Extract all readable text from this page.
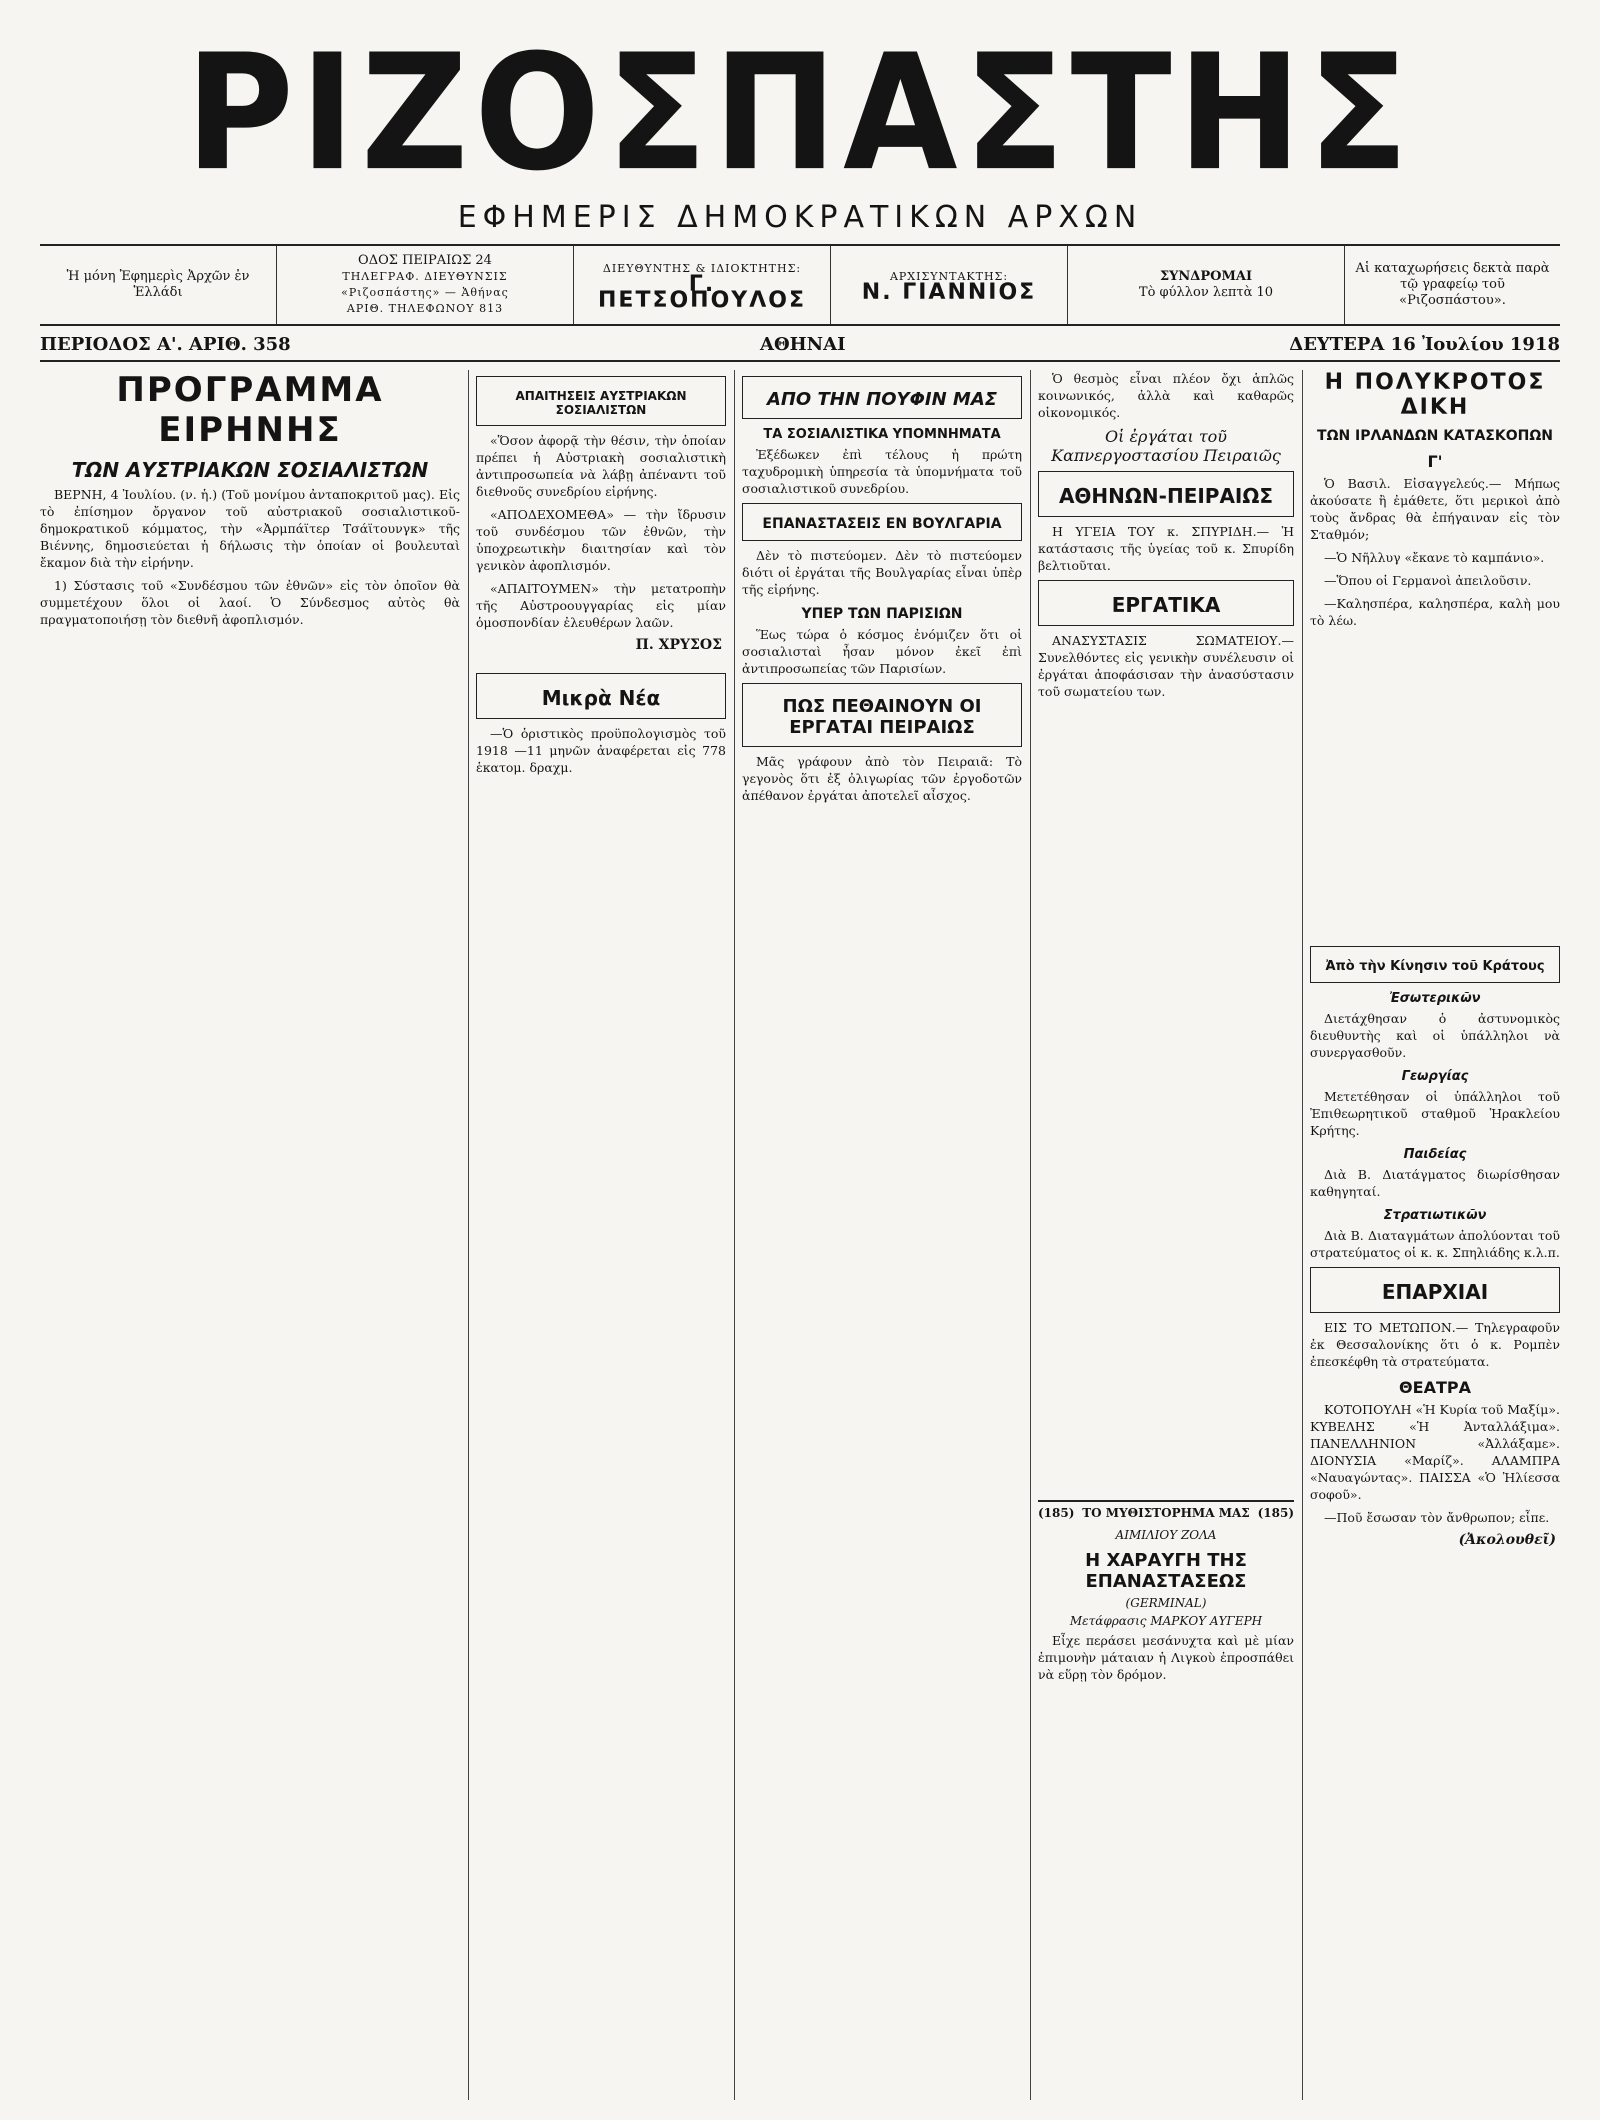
ΡΙΖΟΣΠΑΣΤΗΣ
ΕΦΗΜΕΡΙΣ ΔΗΜΟΚΡΑΤΙΚΩΝ ΑΡΧΩΝ
Ἡ μόνη Ἐφημερὶς Ἀρχῶν ἐν Ἑλλάδι
ΟΔΟΣ ΠΕΙΡΑΙΩΣ 24
ΤΗΛΕΓΡΑΦ. ΔΙΕΥΘΥΝΣΙΣ
«Ριζοσπάστης» — Ἀθήνας
ΑΡΙΘ. ΤΗΛΕΦΩΝΟΥ 813
ΔΙΕΥΘΥΝΤΗΣ & ΙΔΙΟΚΤΗΤΗΣ:
Γ. ΠΕΤΣΟΠΟΥΛΟΣ
ΑΡΧΙΣΥΝΤΑΚΤΗΣ:
Ν. ΓΙΑΝΝΙΟΣ
ΣΥΝΔΡΟΜΑΙ
Τὸ φύλλον λεπτὰ 10
Αἱ καταχωρήσεις δεκτὰ παρὰ τῷ γραφείῳ τοῦ «Ριζοσπάστου».
ΠΕΡΙΟΔΟΣ Α'. ΑΡΙΘ. 358	ΑΘΗΝΑΙ	ΔΕΥΤΕΡΑ 16 Ἰουλίου 1918
ΠΡΟΓΡΑΜΜΑ ΕΙΡΗΝΗΣ
ΤΩΝ ΑΥΣΤΡΙΑΚΩΝ ΣΟΣΙΑΛΙΣΤΩΝ

ΒΕΡΝΗ, 4 Ἰουλίου. (ν. ἡ.) (Τοῦ μονίμου ἀνταποκριτοῦ μας). Εἰς τὸ ἐπίσημον ὄργανον τοῦ αὐστριακοῦ σοσιαλιστικοῦ-δημοκρατικοῦ κόμματος, τὴν «Ἀρμπάϊτερ Τσάϊτουνγκ» τῆς Βιέννης, δημοσιεύεται ἡ δήλωσις τὴν ὁποίαν οἱ βουλευταὶ ἔκαμον διὰ τὴν εἰρήνην.

1) Σύστασις τοῦ «Συνδέσμου τῶν ἐθνῶν» εἰς τὸν ὁποῖον θὰ συμμετέχουν ὅλοι οἱ λαοί. Ὁ Σύνδεσμος αὐτὸς θὰ πραγματοποιήσῃ τὸν διεθνῆ ἀφοπλισμόν.

ΑΠΑΙΤΗΣΕΙΣ ΑΥΣΤΡΙΑΚΩΝ ΣΟΣΙΑΛΙΣΤΩΝ

«Ὅσον ἀφορᾷ τὴν θέσιν, τὴν ὁποίαν πρέπει ἡ Αὐστριακὴ σοσιαλιστικὴ ἀντιπροσωπεία νὰ λάβῃ ἀπέναντι τοῦ διεθνοῦς συνεδρίου εἰρήνης.

«ΑΠΟΔΕΧΟΜΕΘΑ» — τὴν ἴδρυσιν τοῦ συνδέσμου τῶν ἐθνῶν, τὴν ὑποχρεωτικὴν διαιτησίαν καὶ τὸν γενικὸν ἀφοπλισμόν.

«ΑΠΑΙΤΟΥΜΕΝ» τὴν μετατροπὴν τῆς Αὐστροουγγαρίας εἰς μίαν ὁμοσπονδίαν ἐλευθέρων λαῶν.

Π. ΧΡΥΣΟΣ
Μικρὰ Νέα

—Ὁ ὁριστικὸς προϋπολογισμὸς τοῦ 1918 —11 μηνῶν ἀναφέρεται εἰς 778 ἑκατομ. δραχμ.

ΑΠΟ ΤΗΝ ΠΟΥΦΙΝ ΜΑΣ
ΤΑ ΣΟΣΙΑΛΙΣΤΙΚΑ ΥΠΟΜΝΗΜΑΤΑ

Ἐξέδωκεν ἐπὶ τέλους ἡ πρώτη ταχυδρομικὴ ὑπηρεσία τὰ ὑπομνήματα τοῦ σοσιαλιστικοῦ συνεδρίου.

ΕΠΑΝΑΣΤΑΣΕΙΣ ΕΝ ΒΟΥΛΓΑΡΙΑ

Δὲν τὸ πιστεύομεν. Δὲν τὸ πιστεύομεν διότι οἱ ἐργάται τῆς Βουλγαρίας εἶναι ὑπὲρ τῆς εἰρήνης.

ΥΠΕΡ ΤΩΝ ΠΑΡΙΣΙΩΝ

Ἕως τώρα ὁ κόσμος ἐνόμιζεν ὅτι οἱ σοσιαλισταὶ ἦσαν μόνον ἐκεῖ ἐπὶ ἀντιπροσωπείας τῶν Παρισίων.

ΠΩΣ ΠΕΘΑΙΝΟΥΝ ΟΙ ΕΡΓΑΤΑΙ ΠΕΙΡΑΙΩΣ

Μᾶς γράφουν ἀπὸ τὸν Πειραιᾶ: Τὸ γεγονὸς ὅτι ἐξ ὀλιγωρίας τῶν ἐργοδοτῶν ἀπέθανον ἐργάται ἀποτελεῖ αἶσχος.

Ὁ θεσμὸς εἶναι πλέον ὄχι ἁπλῶς κοινωνικός, ἀλλὰ καὶ καθαρῶς οἰκονομικός.

Οἱ ἐργάται τοῦ Καπνεργοστασίου Πειραιῶς
ΑΘΗΝΩΝ-ΠΕΙΡΑΙΩΣ

Η ΥΓΕΙΑ ΤΟΥ κ. ΣΠΥΡΙΔΗ.— Ἡ κατάστασις τῆς ὑγείας τοῦ κ. Σπυρίδη βελτιοῦται.

ΕΡΓΑΤΙΚΑ

ΑΝΑΣΥΣΤΑΣΙΣ ΣΩΜΑΤΕΙΟΥ.— Συνελθόντες εἰς γενικὴν συνέλευσιν οἱ ἐργάται ἀποφάσισαν τὴν ἀνασύστασιν τοῦ σωματείου των.

(185) ΤΟ ΜΥΘΙΣΤΟΡΗΜΑ ΜΑΣ (185)
ΑΙΜΙΛΙΟΥ ΖΟΛΑ
Η ΧΑΡΑΥΓΗ ΤΗΣ ΕΠΑΝΑΣΤΑΣΕΩΣ
(GERMINAL)
Μετάφρασις ΜΑΡΚΟΥ ΑΥΓΕΡΗ

Εἶχε περάσει μεσάνυχτα καὶ μὲ μίαν ἐπιμονὴν μάταιαν ἡ Λιγκοὺ ἐπροσπάθει νὰ εὕρῃ τὸν δρόμον.

Η ΠΟΛΥΚΡΟΤΟΣ ΔΙΚΗ
ΤΩΝ ΙΡΛΑΝΔΩΝ ΚΑΤΑΣΚΟΠΩΝ
Γ'

Ὁ Βασιλ. Εἰσαγγελεύς.— Μήπως ἀκούσατε ἢ ἐμάθετε, ὅτι μερικοὶ ἀπὸ τοὺς ἄνδρας θὰ ἐπήγαιναν εἰς τὸν Σταθμόν;

—Ὁ Νῆλλυγ «ἔκανε τὸ καμπάνιο».

—Ὅπου οἱ Γερμανοὶ ἀπειλοῦσιν.

—Καλησπέρα, καλησπέρα, καλὴ μου τὸ λέω.

Ἀπὸ τὴν Κίνησιν τοῦ Κράτους
Ἐσωτερικῶν

Διετάχθησαν ὁ ἀστυνομικὸς διευθυντὴς καὶ οἱ ὑπάλληλοι νὰ συνεργασθοῦν.

Γεωργίας

Μετετέθησαν οἱ ὑπάλληλοι τοῦ Ἐπιθεωρητικοῦ σταθμοῦ Ἡρακλείου Κρήτης.

Παιδείας

Διὰ Β. Διατάγματος διωρίσθησαν καθηγηταί.

Στρατιωτικῶν

Διὰ Β. Διαταγμάτων ἀπολύονται τοῦ στρατεύματος οἱ κ. κ. Σπηλιάδης κ.λ.π.

ΕΠΑΡΧΙΑΙ

ΕΙΣ ΤΟ ΜΕΤΩΠΟΝ.— Τηλεγραφοῦν ἐκ Θεσσαλονίκης ὅτι ὁ κ. Ρομπὲν ἐπεσκέφθη τὰ στρατεύματα.

ΘΕΑΤΡΑ

ΚΟΤΟΠΟΥΛΗ «Ἡ Κυρία τοῦ Μαξίμ». ΚΥΒΕΛΗΣ «Ἡ Ἀνταλλάξιμα». ΠΑΝΕΛΛΗΝΙΟΝ «Ἀλλάξαμε». ΔΙΟΝΥΣΙΑ «Μαρίζ». ΑΛΑΜΠΡΑ «Ναυαγώντας». ΠΑΙΣΣΑ «Ὁ Ἠλίεσσα σοφοῦ».

—Ποῦ ἔσωσαν τὸν ἄνθρωπον; εἶπε.

(Ἀκολουθεῖ)
